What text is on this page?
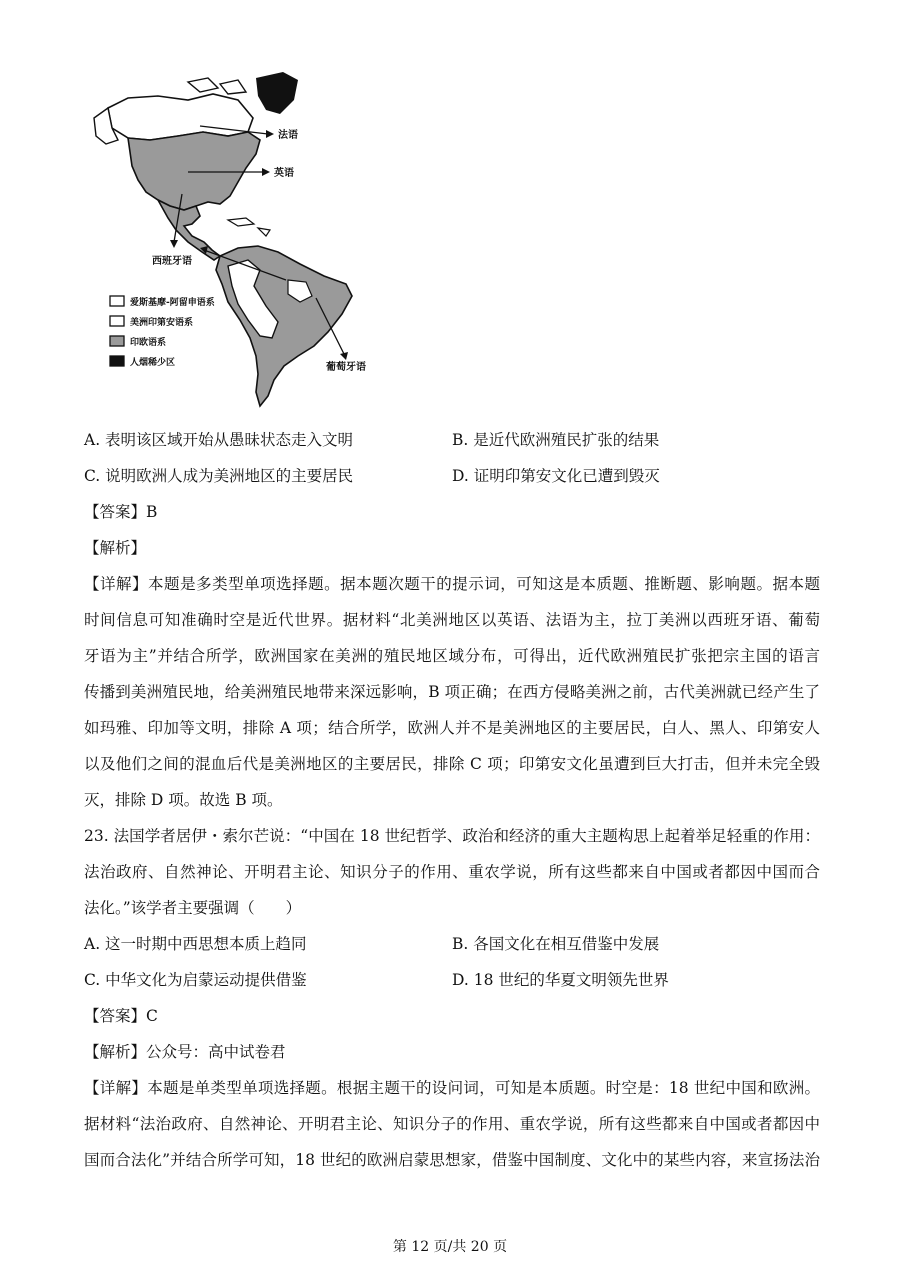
爱斯基摩-阿留申语系
美洲印第安语系
印欧语系
人烟稀少区
法语
英语
西班牙语
葡萄牙语
A. 表明该区域开始从愚昧状态走入文明	B. 是近代欧洲殖民扩张的结果
C. 说明欧洲人成为美洲地区的主要居民	D. 证明印第安文化已遭到毁灭
【答案】B
【解析】
【详解】本题是多类型单项选择题。据本题次题干的提示词，可知这是本质题、推断题、影响题。据本题
时间信息可知准确时空是近代世界。据材料“北美洲地区以英语、法语为主，拉丁美洲以西班牙语、葡萄
牙语为主”并结合所学，欧洲国家在美洲的殖民地区域分布，可得出，近代欧洲殖民扩张把宗主国的语言
传播到美洲殖民地，给美洲殖民地带来深远影响，B 项正确；在西方侵略美洲之前，古代美洲就已经产生了
如玛雅、印加等文明，排除 A 项；结合所学，欧洲人并不是美洲地区的主要居民，白人、黑人、印第安人
以及他们之间的混血后代是美洲地区的主要居民，排除 C 项；印第安文化虽遭到巨大打击，但并未完全毁
灭，排除 D 项。故选 B 项。
23. 法国学者居伊・索尔芒说：“中国在 18 世纪哲学、政治和经济的重大主题构思上起着举足轻重的作用：
法治政府、自然神论、开明君主论、知识分子的作用、重农学说，所有这些都来自中国或者都因中国而合
法化。”该学者主要强调（　　）
A. 这一时期中西思想本质上趋同	B. 各国文化在相互借鉴中发展
C. 中华文化为启蒙运动提供借鉴	D. 18 世纪的华夏文明领先世界
【答案】C
【解析】公众号：高中试卷君
【详解】本题是单类型单项选择题。根据主题干的设问词，可知是本质题。时空是：18 世纪中国和欧洲。
据材料“法治政府、自然神论、开明君主论、知识分子的作用、重农学说，所有这些都来自中国或者都因中
国而合法化”并结合所学可知，18 世纪的欧洲启蒙思想家，借鉴中国制度、文化中的某些内容，来宣扬法治
第 12 页/共 20 页
